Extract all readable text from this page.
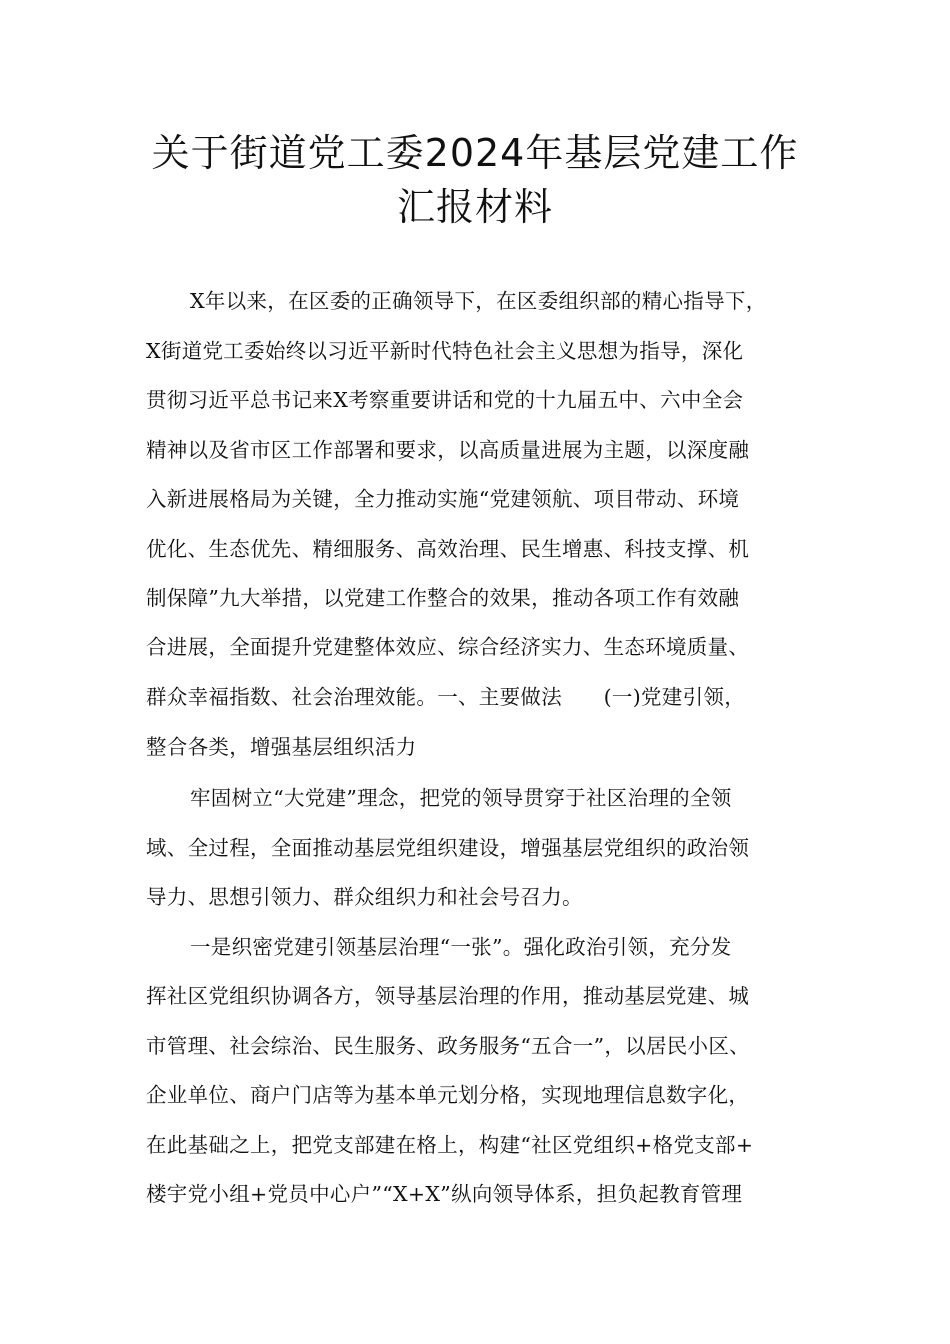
关于街道党工委2024年基层党建工作
汇报材料
X年以来，在区委的正确领导下，在区委组织部的精心指导下，
X街道党工委始终以习近平新时代特色社会主义思想为指导，深化
贯彻习近平总书记来X考察重要讲话和党的十九届五中、六中全会
精神以及省市区工作部署和要求，以高质量进展为主题，以深度融
入新进展格局为关键，全力推动实施“党建领航、项目带动、环境
优化、生态优先、精细服务、高效治理、民生增惠、科技支撑、机
制保障”九大举措，以党建工作整合的效果，推动各项工作有效融
合进展，全面提升党建整体效应、综合经济实力、生态环境质量、
群众幸福指数、社会治理效能。一、主要做法　　(一)党建引领，
整合各类，增强基层组织活力
牢固树立“大党建”理念，把党的领导贯穿于社区治理的全领
域、全过程，全面推动基层党组织建设，增强基层党组织的政治领
导力、思想引领力、群众组织力和社会号召力。
一是织密党建引领基层治理“一张”。强化政治引领，充分发
挥社区党组织协调各方，领导基层治理的作用，推动基层党建、城
市管理、社会综治、民生服务、政务服务“五合一”，以居民小区、
企业单位、商户门店等为基本单元划分格，实现地理信息数字化，
在此基础之上，把党支部建在格上，构建“社区党组织+格党支部+
楼宇党小组+党员中心户”“X+X”纵向领导体系，担负起教育管理
